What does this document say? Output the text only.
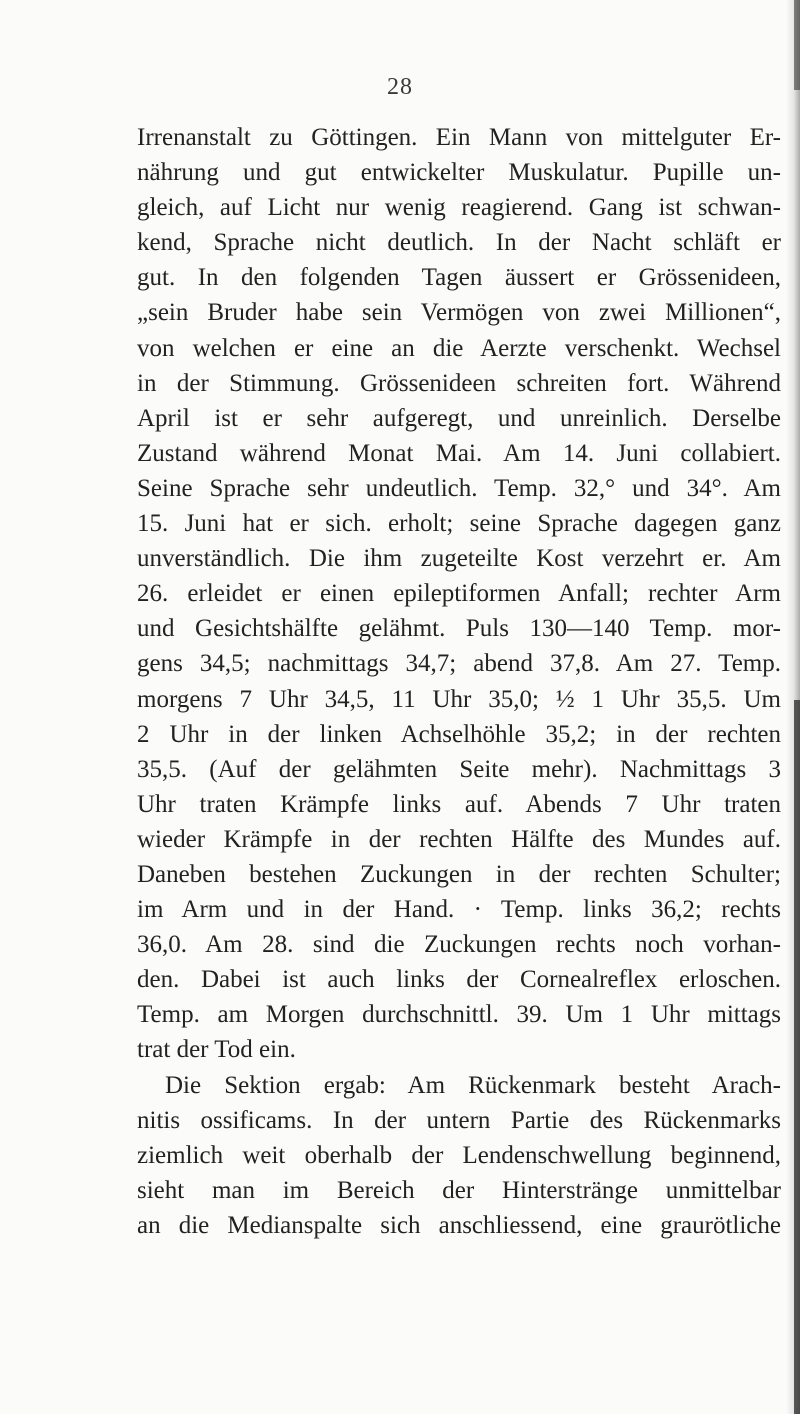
28
Irrenanstalt zu Göttingen. Ein Mann von mittelguter Er-
nährung und gut entwickelter Muskulatur. Pupille un-
gleich, auf Licht nur wenig reagierend. Gang ist schwan-
kend, Sprache nicht deutlich. In der Nacht schläft er
gut. In den folgenden Tagen äussert er Grössenideen,
„sein Bruder habe sein Vermögen von zwei Millionen“,
von welchen er eine an die Aerzte verschenkt. Wechsel
in der Stimmung. Grössenideen schreiten fort. Während
April ist er sehr aufgeregt, und unreinlich. Derselbe
Zustand während Monat Mai. Am 14. Juni collabiert.
Seine Sprache sehr undeutlich. Temp. 32,° und 34°. Am
15. Juni hat er sich. erholt; seine Sprache dagegen ganz
unverständlich. Die ihm zugeteilte Kost verzehrt er. Am
26. erleidet er einen epileptiformen Anfall; rechter Arm
und Gesichtshälfte gelähmt. Puls 130—140 Temp. mor-
gens 34,5; nachmittags 34,7; abend 37,8. Am 27. Temp.
morgens 7 Uhr 34,5, 11 Uhr 35,0; ½ 1 Uhr 35,5. Um
2 Uhr in der linken Achselhöhle 35,2; in der rechten
35,5. (Auf der gelähmten Seite mehr). Nachmittags 3
Uhr traten Krämpfe links auf. Abends 7 Uhr traten
wieder Krämpfe in der rechten Hälfte des Mundes auf.
Daneben bestehen Zuckungen in der rechten Schulter;
im Arm und in der Hand. · Temp. links 36,2; rechts
36,0. Am 28. sind die Zuckungen rechts noch vorhan-
den. Dabei ist auch links der Cornealreflex erloschen.
Temp. am Morgen durchschnittl. 39. Um 1 Uhr mittags
trat der Tod ein.
Die Sektion ergab: Am Rückenmark besteht Arach-
nitis ossificams. In der untern Partie des Rückenmarks
ziemlich weit oberhalb der Lendenschwellung beginnend,
sieht man im Bereich der Hinterstränge unmittelbar
an die Medianspalte sich anschliessend, eine graurötliche
